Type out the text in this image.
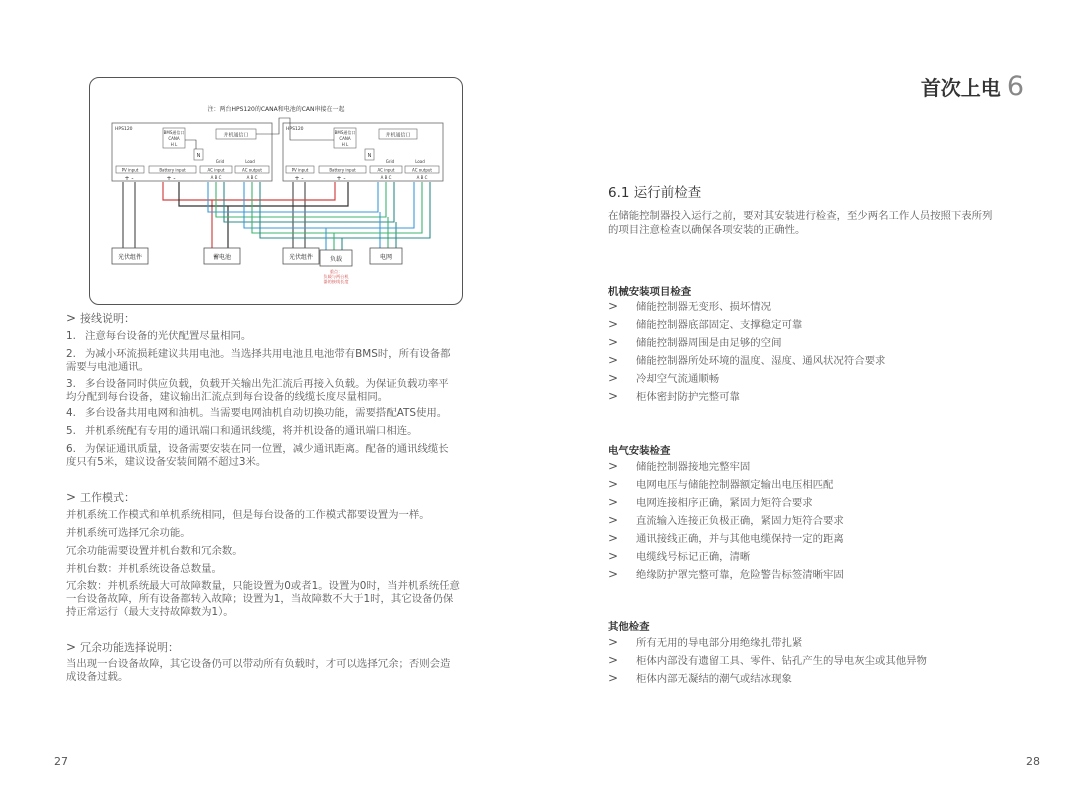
注：两台HPS120的CANA和电池的CAN串接在一起
HPS120
BMS通信口
CANA
H L
并机通信口
N
Grid	Load
PV input	Battery input	AC input	AC output
+ -	+ -	A B C	A B C
HPS120
BMS通信口
CANA
H L
并机通信口
N
Grid	Load
PV input	Battery input	AC input	AC output
+ -	+ -	A B C	A B C
光伏组件	蓄电池	光伏组件	负载	电网
重点：
负载与两台机
器的接线长度
> 接线说明：
1. 注意每台设备的光伏配置尽量相同。
2. 为减小环流损耗建议共用电池。当选择共用电池且电池带有BMS时，所有设备都
需要与电池通讯。
3. 多台设备同时供应负载，负载开关输出先汇流后再接入负载。为保证负载功率平
均分配到每台设备，建议输出汇流点到每台设备的线缆长度尽量相同。
4. 多台设备共用电网和油机。当需要电网油机自动切换功能，需要搭配ATS使用。
5. 并机系统配有专用的通讯端口和通讯线缆，将并机设备的通讯端口相连。
6. 为保证通讯质量，设备需要安装在同一位置，减少通讯距离。配备的通讯线缆长
度只有5米，建议设备安装间隔不超过3米。
> 工作模式：
并机系统工作模式和单机系统相同，但是每台设备的工作模式都要设置为一样。
并机系统可选择冗余功能。
冗余功能需要设置并机台数和冗余数。
并机台数：并机系统设备总数量。
冗余数：并机系统最大可故障数量，只能设置为0或者1。设置为0时，当并机系统任意
一台设备故障，所有设备都转入故障；设置为1，当故障数不大于1时，其它设备仍保
持正常运行（最大支持故障数为1）。
> 冗余功能选择说明：
当出现一台设备故障，其它设备仍可以带动所有负载时，才可以选择冗余；否则会造
成设备过载。
27
首次上电 6
6.1 运行前检查
在储能控制器投入运行之前，要对其安装进行检查，至少两名工作人员按照下表所列
的项目注意检查以确保各项安装的正确性。
机械安装项目检查
> 储能控制器无变形、损坏情况
> 储能控制器底部固定、支撑稳定可靠
> 储能控制器周围是由足够的空间
> 储能控制器所处环境的温度、湿度、通风状况符合要求
> 冷却空气流通顺畅
> 柜体密封防护完整可靠
电气安装检查
> 储能控制器接地完整牢固
> 电网电压与储能控制器额定输出电压相匹配
> 电网连接相序正确，紧固力矩符合要求
> 直流输入连接正负极正确，紧固力矩符合要求
> 通讯接线正确，并与其他电缆保持一定的距离
> 电缆线号标记正确，清晰
> 绝缘防护罩完整可靠，危险警告标签清晰牢固
其他检查
> 所有无用的导电部分用绝缘扎带扎紧
> 柜体内部没有遗留工具、零件、钻孔产生的导电灰尘或其他异物
> 柜体内部无凝结的潮气或结冰现象
28
